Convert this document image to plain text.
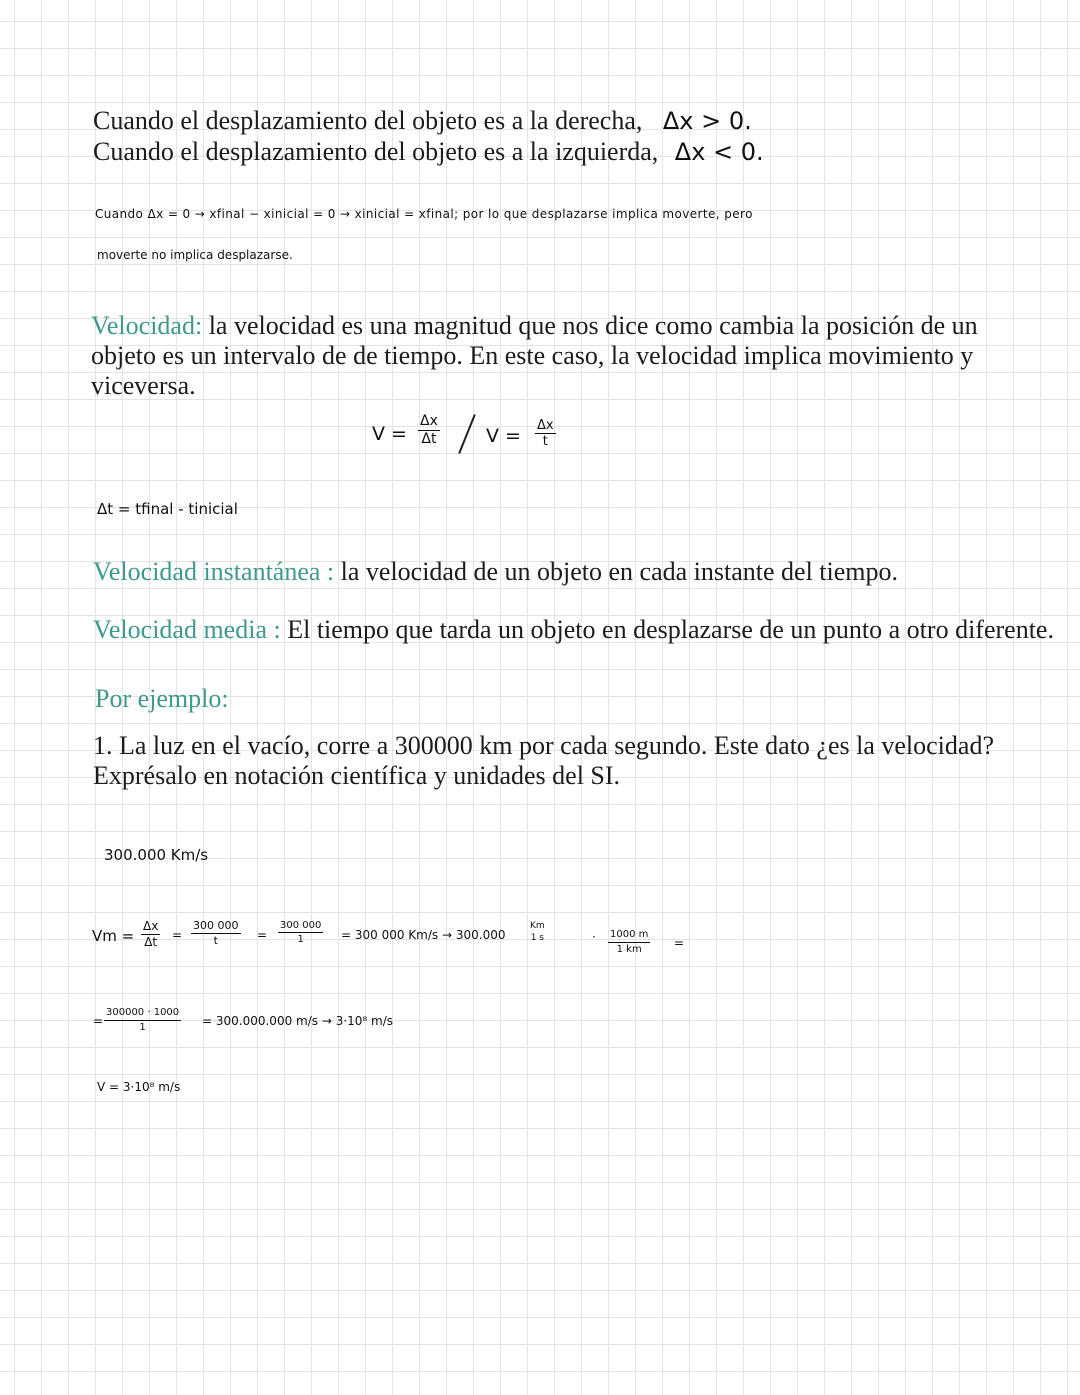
Cuando el desplazamiento del objeto es a la derecha, Δx > 0.
Cuando el desplazamiento del objeto es a la izquierda, Δx < 0.
Cuando Δx = 0 → xfinal − xinicial = 0 → xinicial = xfinal; por lo que desplazarse implica moverte, pero
moverte no implica desplazarse.
Velocidad: la velocidad es una magnitud que nos dice como cambia la posición de un
objeto es un intervalo de de tiempo. En este caso, la velocidad implica movimiento y
viceversa.
$V = \frac{\Delta x}{\Delta t}$ $V = \frac{\Delta x}{t}$
Δt = tfinal - tinicial
Velocidad instantánea : la velocidad de un objeto en cada instante del tiempo.
Velocidad media : El tiempo que tarda un objeto en desplazarse de un punto a otro diferente.
Por ejemplo:
1. La luz en el vacío, corre a 300000 km por cada segundo. Este dato ¿es la velocidad?
Exprésalo en notación científica y unidades del SI.
300.000 Km/s
$Vm = \frac{\Delta x}{\Delta t} = \frac{300 000}{t} = \frac{300 000}{1} = 300$ 000 Km/s → 300.000
Km
1 s	· $\frac{1000 m}{1 km}$ =
= $\frac{300000 \cdot 1000}{1} = 300.000.000$ m/s → 3·10⁸ m/s
V = 3·10⁸ m/s
